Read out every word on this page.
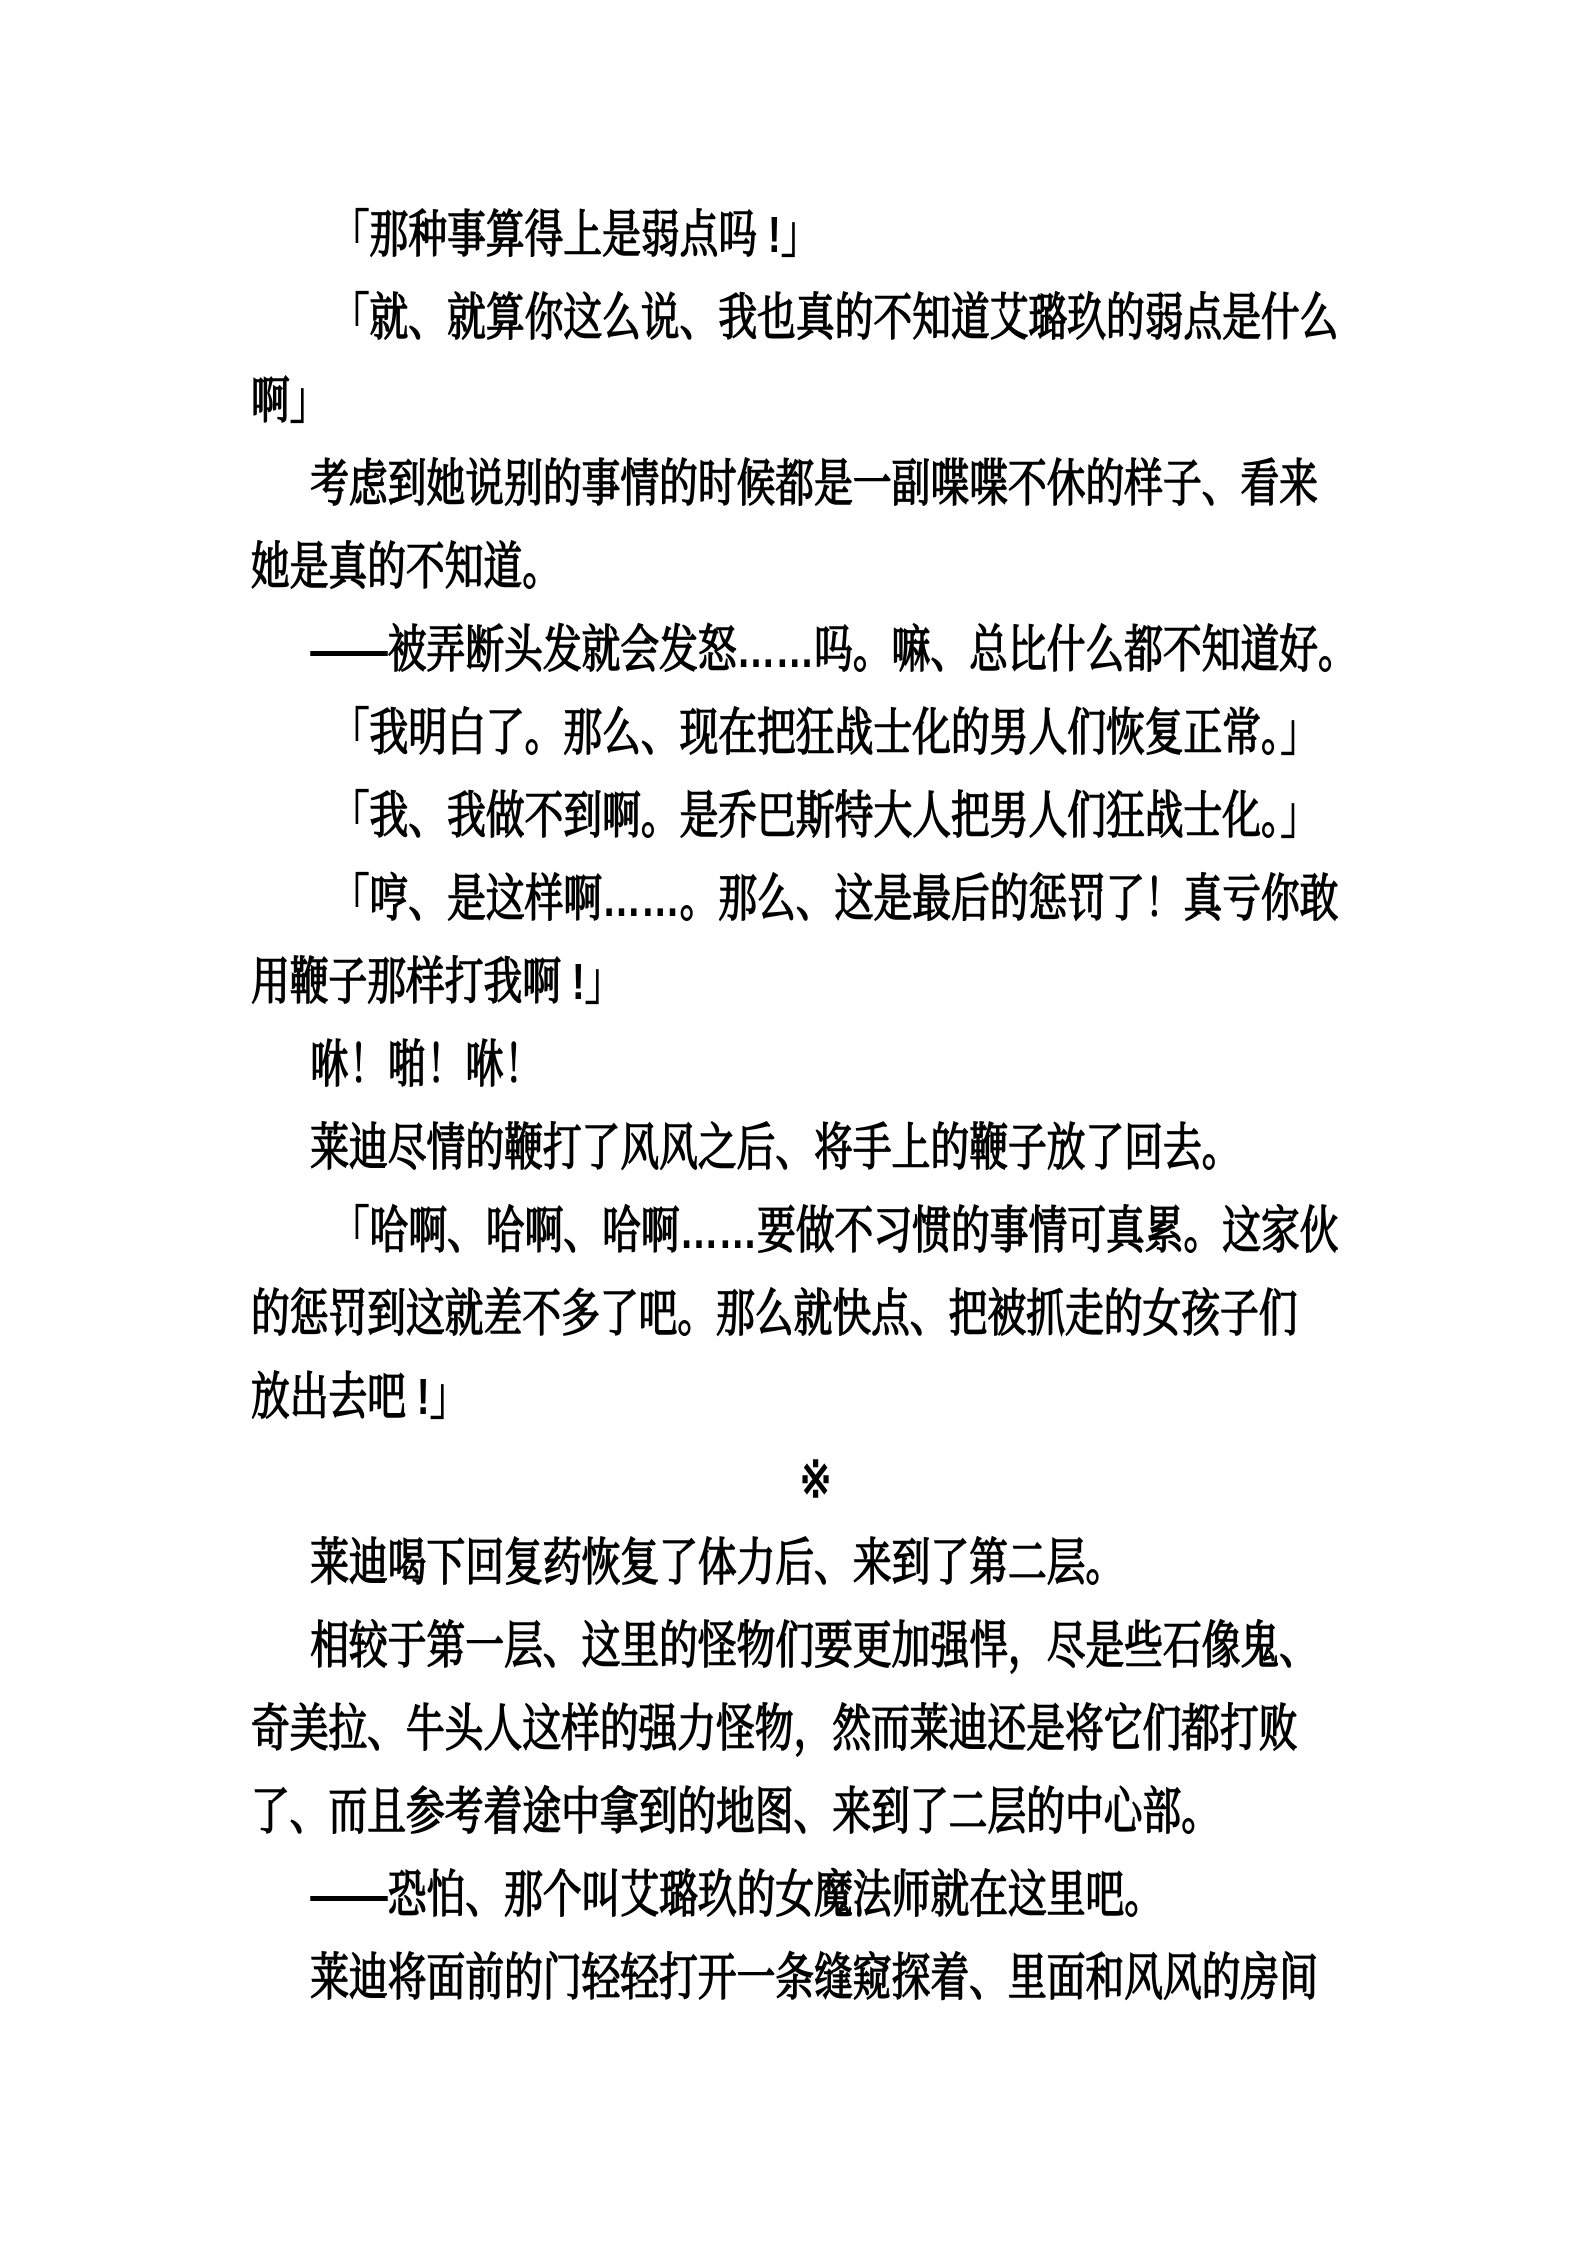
「那种事算得上是弱点吗 !」
「就、就算你这么说、我也真的不知道艾璐玖的弱点是什么
啊」
考虑到她说别的事情的时候都是一副喋喋不休的样子、看来
她是真的不知道。
——被弄断头发就会发怒……吗。嘛、总比什么都不知道好。
「我明白了。那么、现在把狂战士化的男人们恢复正常。」
「我、我做不到啊。是乔巴斯特大人把男人们狂战士化。」
「哼、是这样啊……。那么、这是最后的惩罚了！真亏你敢
用鞭子那样打我啊 !」
咻！啪！咻！
莱迪尽情的鞭打了风风之后、将手上的鞭子放了回去。
「哈啊、哈啊、哈啊……要做不习惯的事情可真累。这家伙
的惩罚到这就差不多了吧。那么就快点、把被抓走的女孩子们
放出去吧 !」
※
莱迪喝下回复药恢复了体力后、来到了第二层。
相较于第一层、这里的怪物们要更加强悍，尽是些石像鬼、
奇美拉、牛头人这样的强力怪物，然而莱迪还是将它们都打败
了、而且参考着途中拿到的地图、来到了二层的中心部。
——恐怕、那个叫艾璐玖的女魔法师就在这里吧。
莱迪将面前的门轻轻打开一条缝窥探着、里面和风风的房间
